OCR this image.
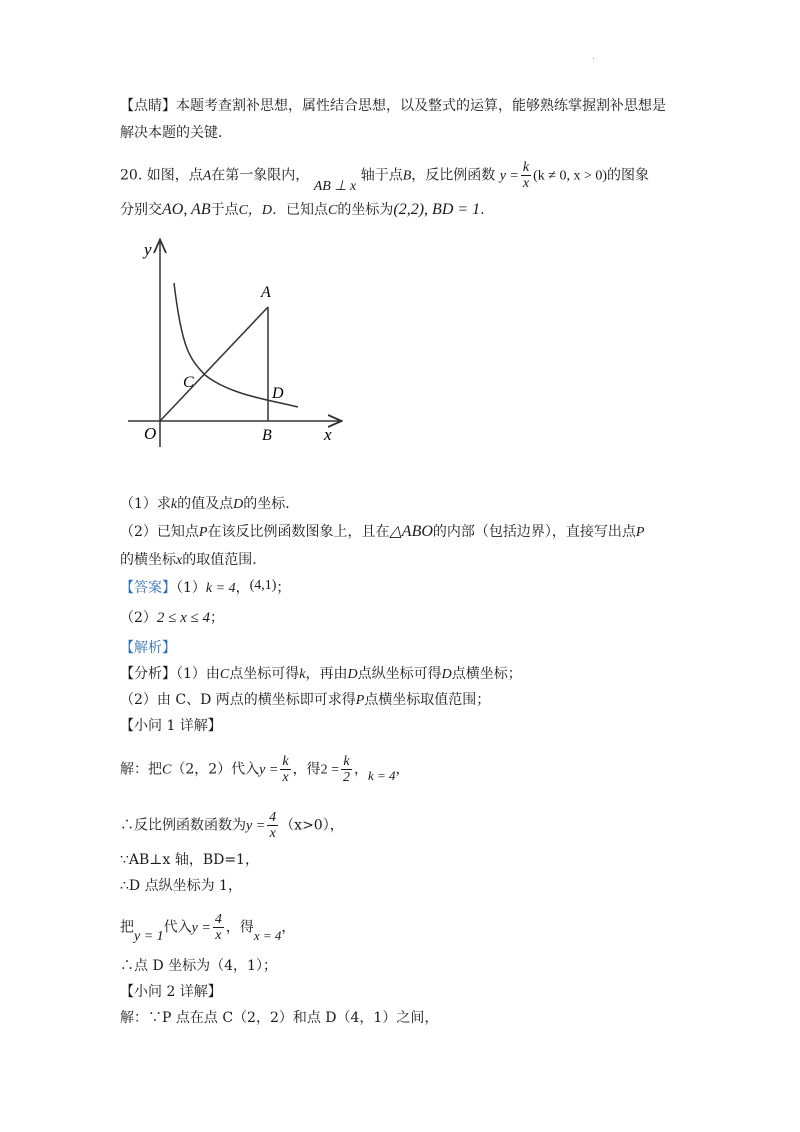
·
【点睛】本题考查割补思想，属性结合思想，以及整式的运算，能够熟练掌握割补思想是
解决本题的关键．
20. 如图，点A在第一象限内， AB ⊥ x 轴于点B，反比例函数 $y = \frac{k}{x} (k \ne 0$, x > 0)的图象
分别交AO, AB于点C，D．已知点C的坐标为(2,2), BD = 1.
y
x
O
A
B
C
D
（1）求k的值及点D的坐标.
（2）已知点P在该反比例函数图象上，且在△ABO的内部（包括边界），直接写出点P
的横坐标x的取值范围.
【答案】（1）k = 4，(4,1)；
（2）2 ≤ x ≤ 4；
【解析】
【分析】（1）由C点坐标可得k，再由D点纵坐标可得D点横坐标；
（2）由 C、D 两点的横坐标即可求得P点横坐标取值范围；
【小问 1 详解】
解：把C（2，2）代入$y = \frac{k}{x}$ ，得$2 = \frac{k}{2}$ ，k = 4，
∴反比例函数函数为$y = \frac{4}{x} (x>0)$，
∵AB⊥x 轴，BD=1，
∴D 点纵坐标为 1，
把y = 1代入$y = \frac{4}{x}$ ，得x = 4，
∴点 D 坐标为（4，1）；
【小问 2 详解】
解：∵P 点在点 C（2，2）和点 D（4，1）之间，
